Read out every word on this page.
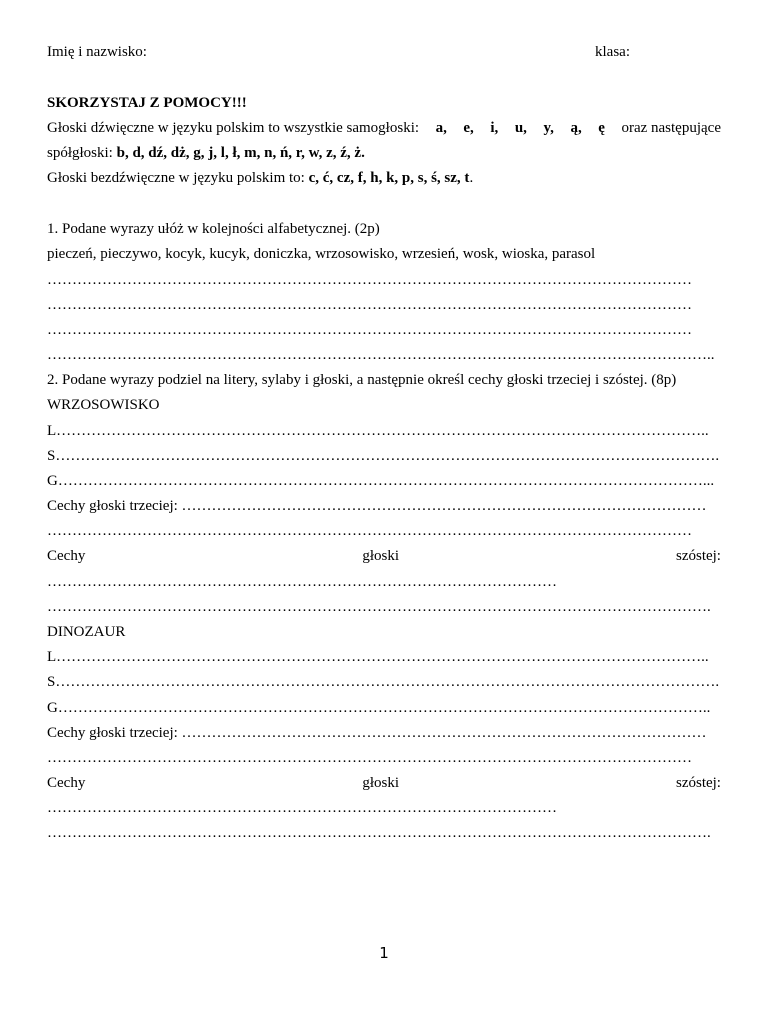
Imię i nazwisko:	klasa:
SKORZYSTAJ Z POMOCY!!!
Głoski dźwięczne w języku polskim to wszystkie samogłoski: a, e, i, u, y, ą, ę oraz następujące
spółgłoski: b, d, dź, dż, g, j, l, ł, m, n, ń, r, w, z, ź, ż.
Głoski bezdźwięczne w języku polskim to: c, ć, cz, f, h, k, p, s, ś, sz, t.
1. Podane wyrazy ułóż w kolejności alfabetycznej. (2p)
pieczeń, pieczywo, kocyk, kucyk, doniczka, wrzosowisko, wrzesień, wosk, wioska, parasol
…………………………………………………………………………………………………………………
…………………………………………………………………………………………………………………
…………………………………………………………………………………………………………………
……………………………………………………………………………………………………………………..
2. Podane wyrazy podziel na litery, sylaby i głoski, a następnie określ cechy głoski trzeciej i szóstej. (8p)
WRZOSOWISKO
L…………………………………………………………………………………………………………………..
S…………………………………………………………………………………………………………………….
G…………………………………………………………………………………………………………………...
Cechy głoski trzeciej: ……………………………………………………………………………………………
…………………………………………………………………………………………………………………
Cechy	głoski	szóstej:
…………………………………………………………………………………………
…………………………………………………………………………………………………………………….
DINOZAUR
L…………………………………………………………………………………………………………………..
S…………………………………………………………………………………………………………………….
G…………………………………………………………………………………………………………………..
Cechy głoski trzeciej: ……………………………………………………………………………………………
…………………………………………………………………………………………………………………
Cechy	głoski	szóstej:
…………………………………………………………………………………………
…………………………………………………………………………………………………………………….
1
